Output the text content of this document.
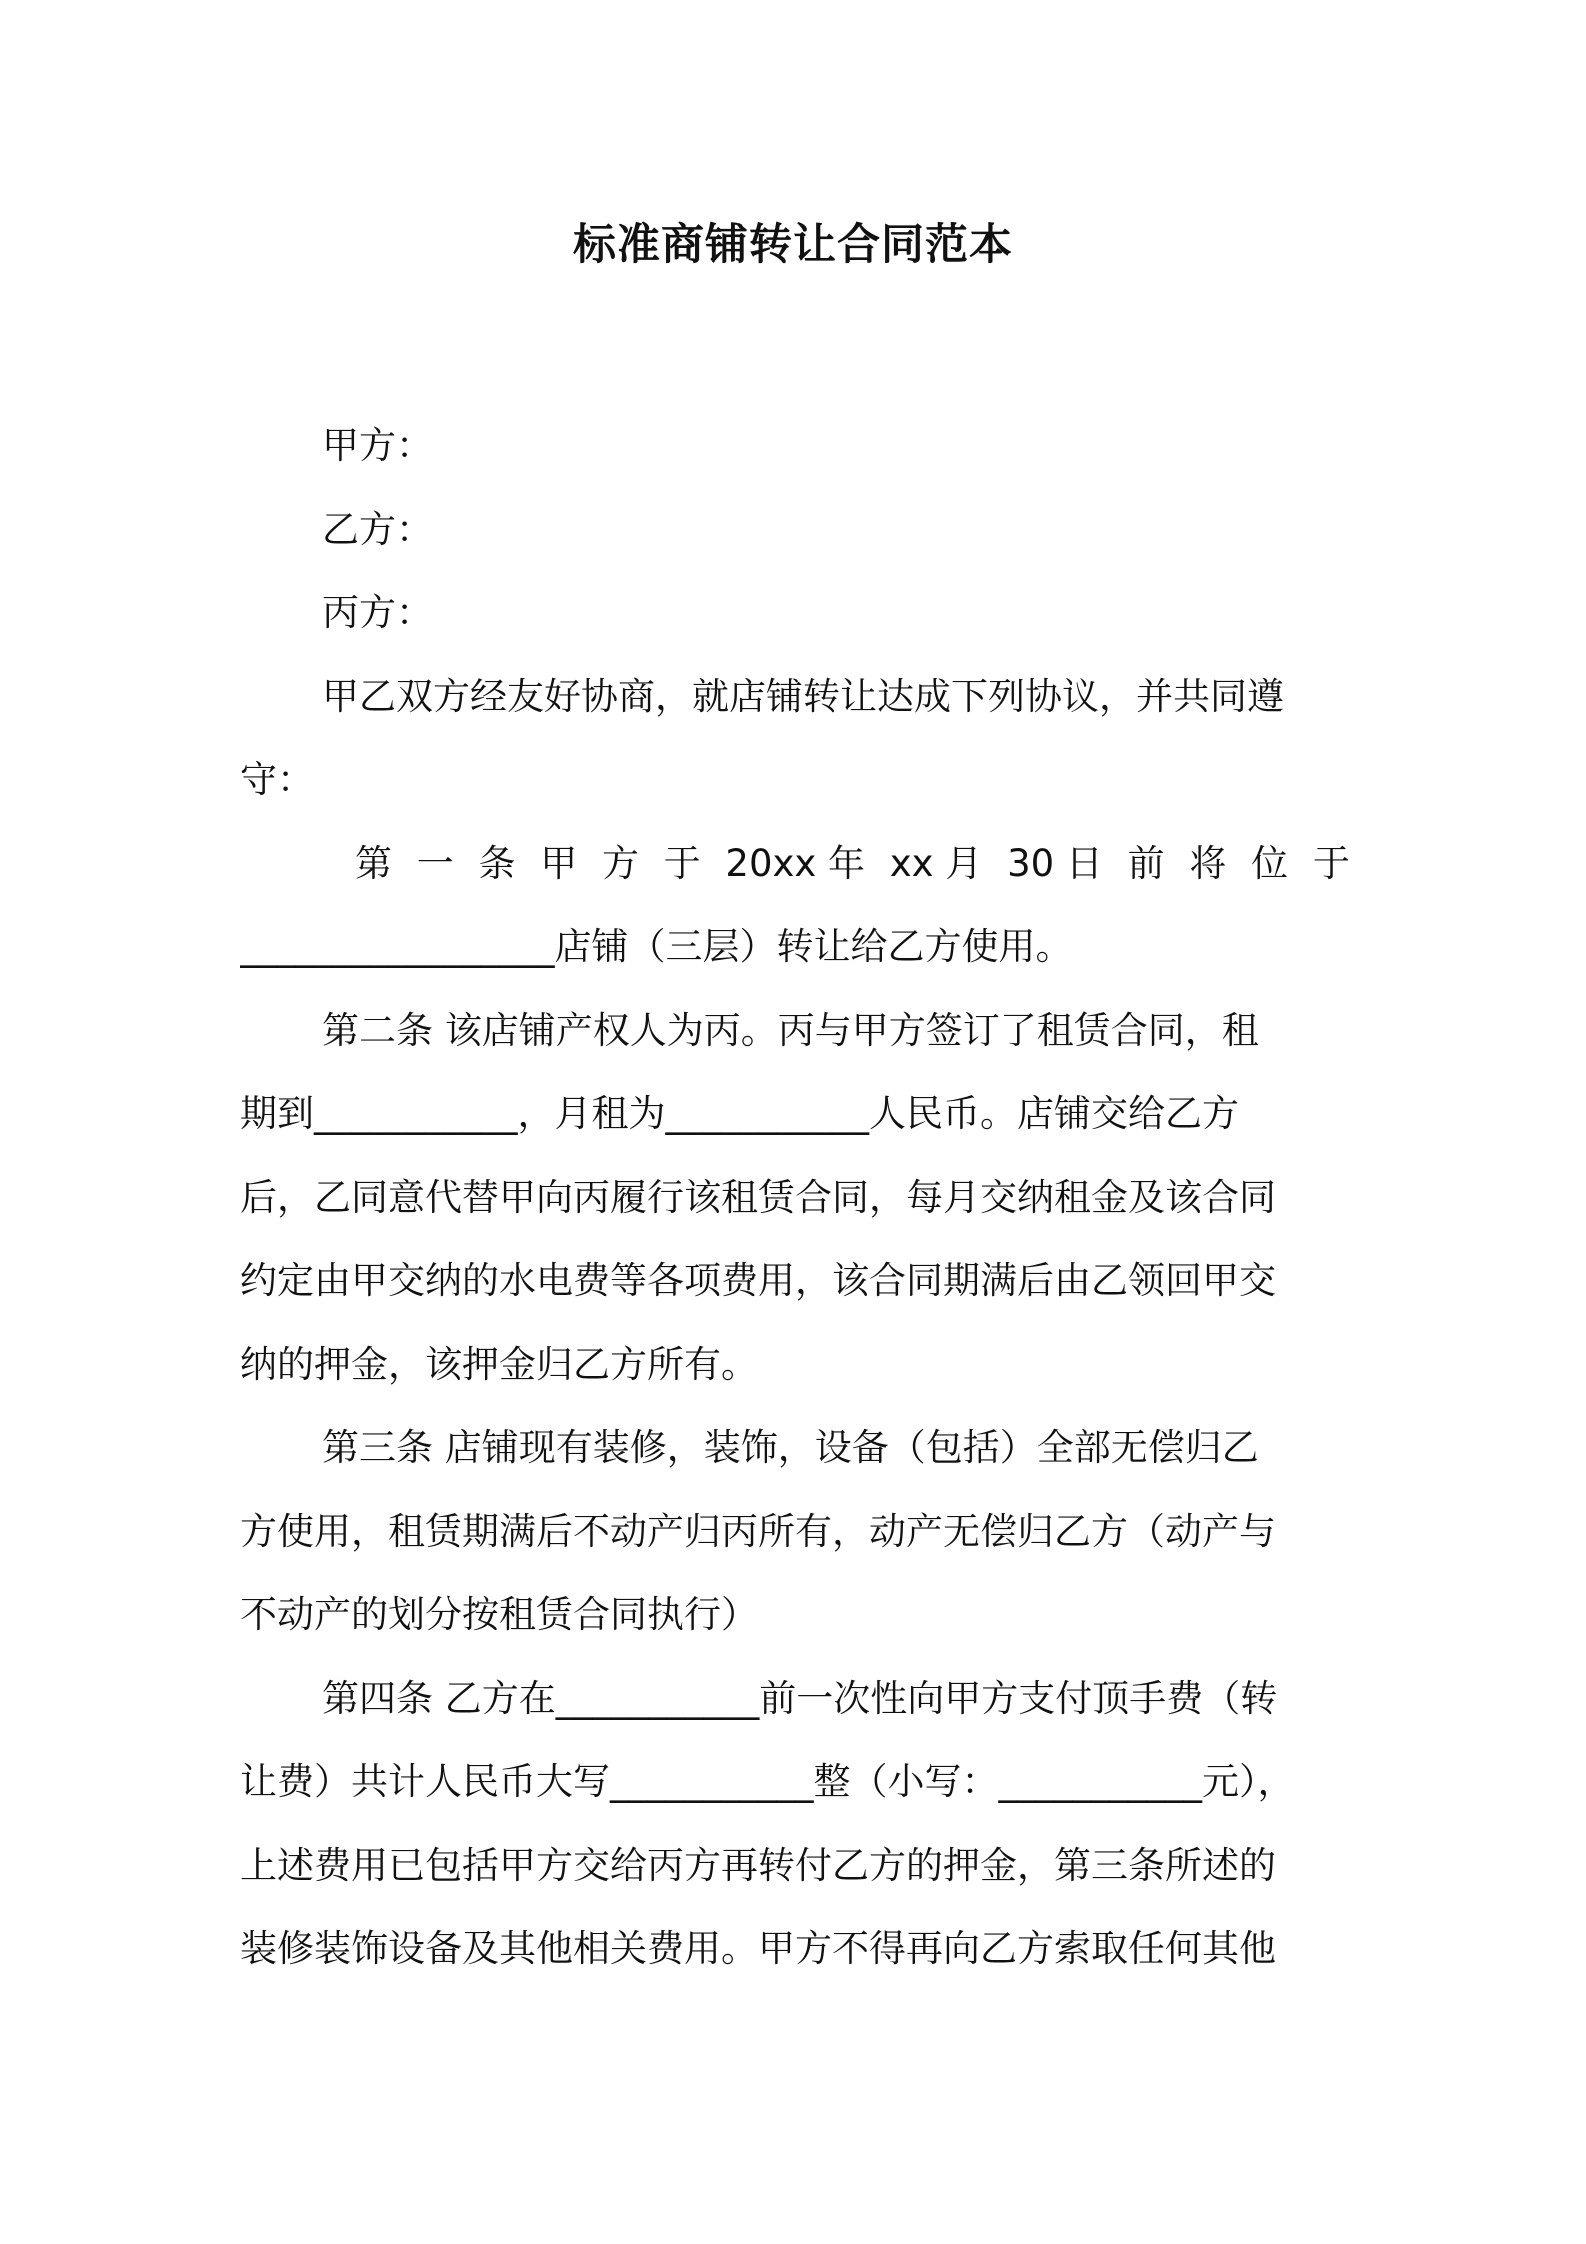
标准商铺转让合同范本
甲方：
乙方：
丙方：
甲乙双方经友好协商，就店铺转让达成下列协议，并共同遵
守：
第 一 条 甲 方 于 20xx 年 xx 月 30 日 前 将 位 于
_________________店铺（三层）转让给乙方使用。
第二条 该店铺产权人为丙。丙与甲方签订了租赁合同，租
期到___________，月租为___________人民币。店铺交给乙方
后，乙同意代替甲向丙履行该租赁合同，每月交纳租金及该合同
约定由甲交纳的水电费等各项费用，该合同期满后由乙领回甲交
纳的押金，该押金归乙方所有。
第三条 店铺现有装修，装饰，设备（包括）全部无偿归乙
方使用，租赁期满后不动产归丙所有，动产无偿归乙方（动产与
不动产的划分按租赁合同执行）
第四条 乙方在___________前一次性向甲方支付顶手费（转
让费）共计人民币大写___________整（小写：___________元），
上述费用已包括甲方交给丙方再转付乙方的押金，第三条所述的
装修装饰设备及其他相关费用。甲方不得再向乙方索取任何其他
